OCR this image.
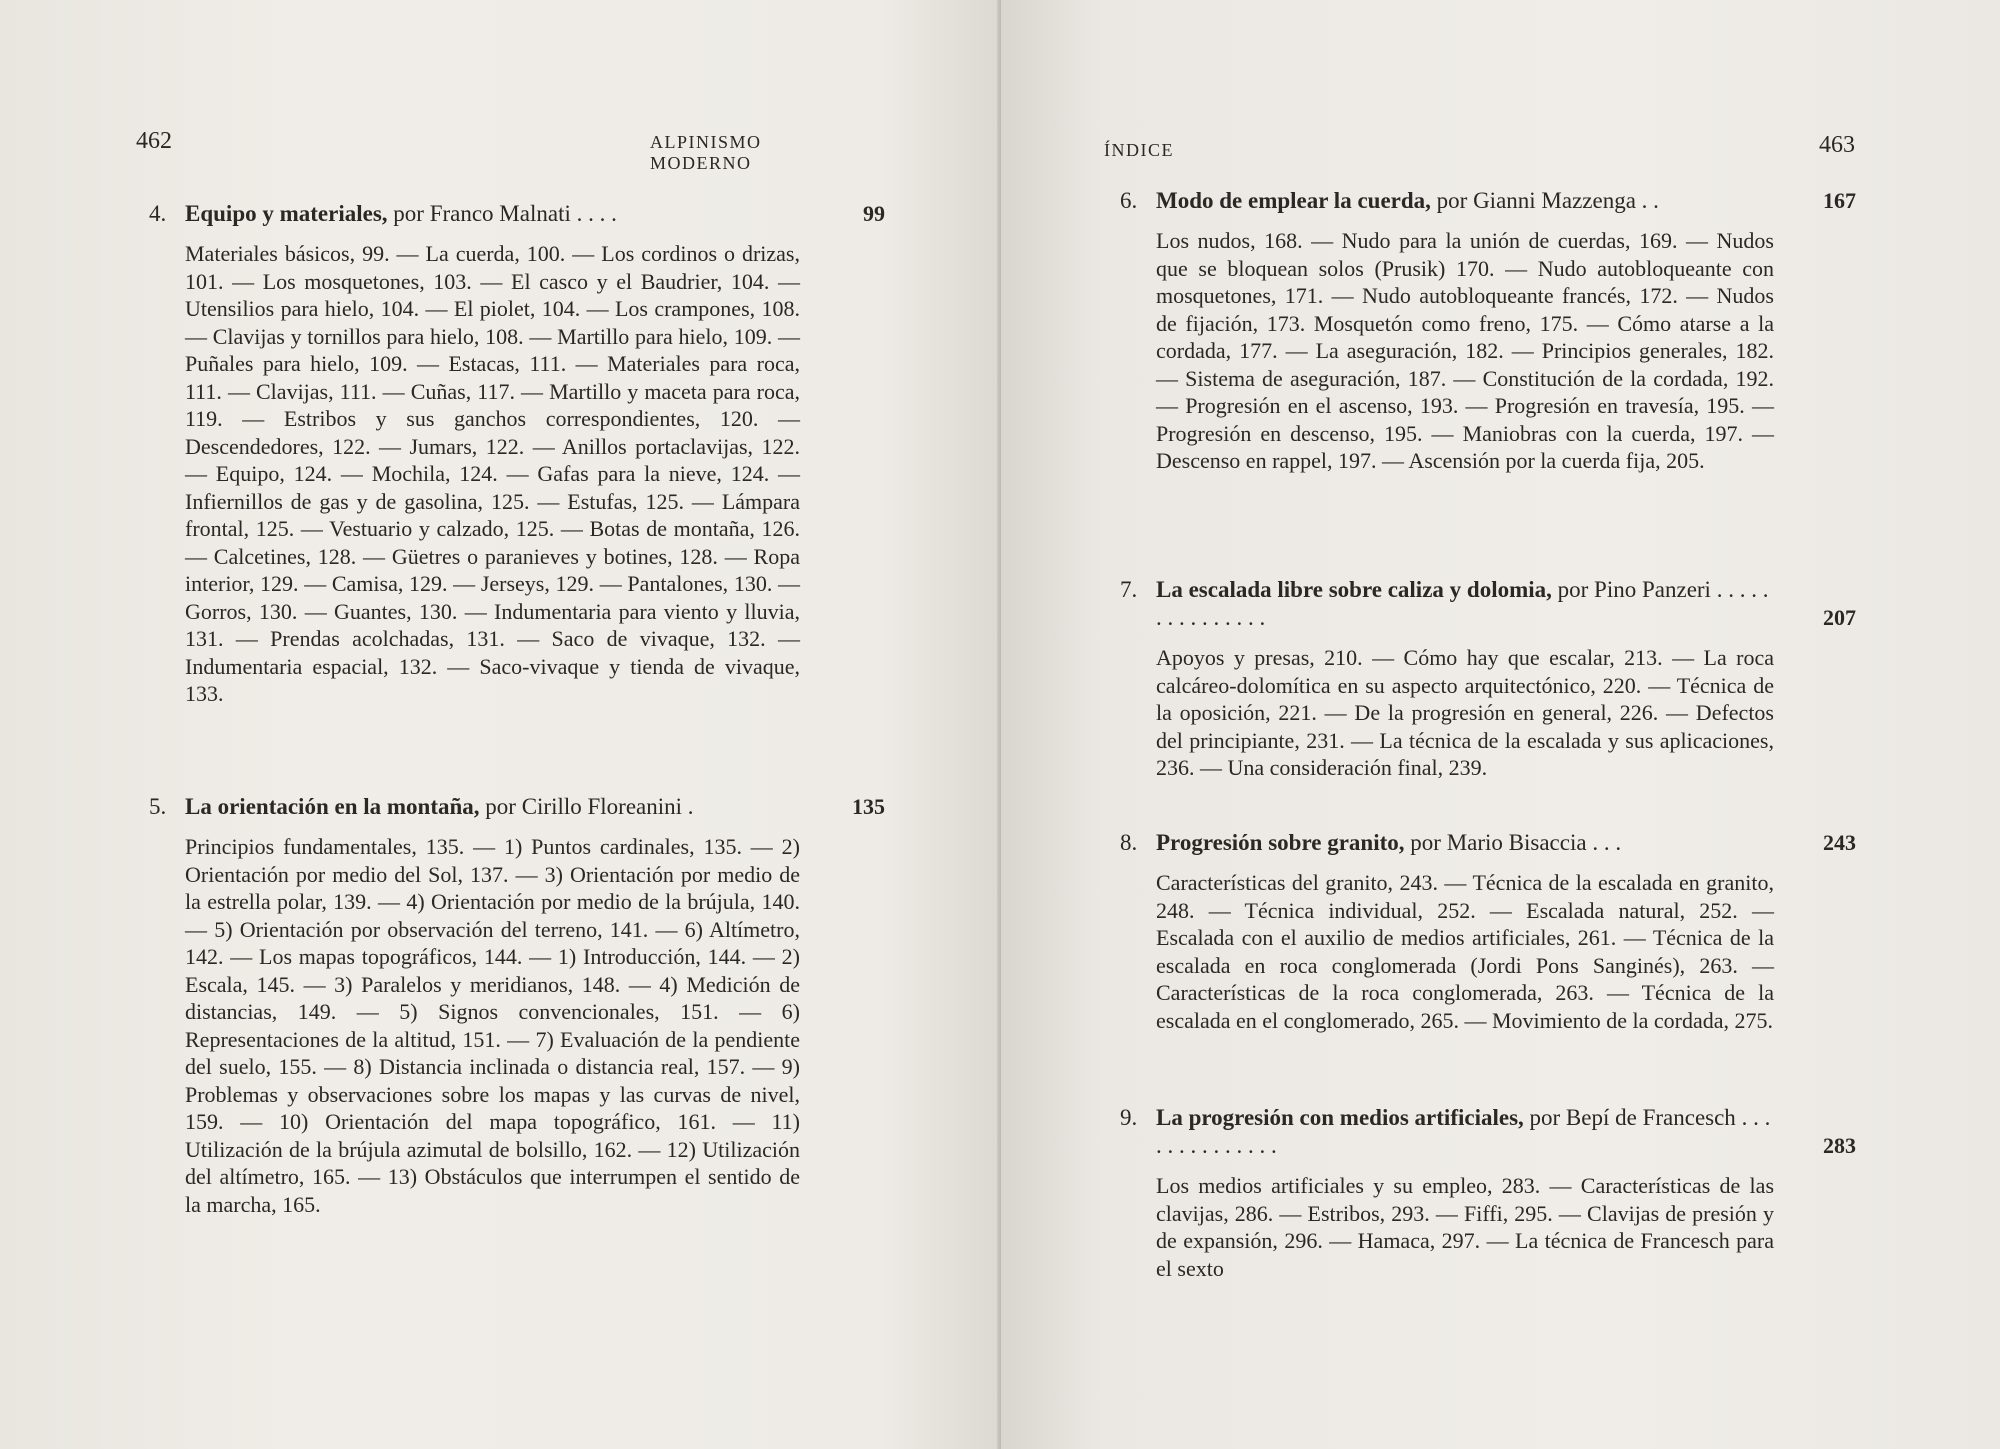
462	ALPINISMO MODERNO
4. Equipo y materiales, por Franco Malnati . . . .	99
Materiales básicos, 99. — La cuerda, 100. — Los cordinos o drizas, 101. — Los mosquetones, 103. — El casco y el Baudrier, 104. — Utensilios para hielo, 104. — El piolet, 104. — Los crampones, 108. — Clavijas y tornillos para hielo, 108. — Martillo para hielo, 109. — Puñales para hielo, 109. — Estacas, 111. — Materiales para roca, 111. — Clavijas, 111. — Cuñas, 117. — Martillo y maceta para roca, 119. — Estribos y sus ganchos correspondientes, 120. — Descendedores, 122. — Jumars, 122. — Anillos portaclavijas, 122. — Equipo, 124. — Mochila, 124. — Gafas para la nieve, 124. — Infiernillos de gas y de gasolina, 125. — Estufas, 125. — Lámpara frontal, 125. — Vestuario y calzado, 125. — Botas de montaña, 126. — Calcetines, 128. — Güetres o paranieves y botines, 128. — Ropa interior, 129. — Camisa, 129. — Jerseys, 129. — Pantalones, 130. — Gorros, 130. — Guantes, 130. — Indumentaria para viento y lluvia, 131. — Prendas acolchadas, 131. — Saco de vivaque, 132. — Indumentaria espacial, 132. — Saco-vivaque y tienda de vivaque, 133.
5. La orientación en la montaña, por Cirillo Floreanini .	135
Principios fundamentales, 135. — 1) Puntos cardinales, 135. — 2) Orientación por medio del Sol, 137. — 3) Orientación por medio de la estrella polar, 139. — 4) Orientación por medio de la brújula, 140. — 5) Orientación por observación del terreno, 141. — 6) Altímetro, 142. — Los mapas topográficos, 144. — 1) Introducción, 144. — 2) Escala, 145. — 3) Paralelos y meridianos, 148. — 4) Medición de distancias, 149. — 5) Signos convencionales, 151. — 6) Representaciones de la altitud, 151. — 7) Evaluación de la pendiente del suelo, 155. — 8) Distancia inclinada o distancia real, 157. — 9) Problemas y observaciones sobre los mapas y las curvas de nivel, 159. — 10) Orientación del mapa topográfico, 161. — 11) Utilización de la brújula azimutal de bolsillo, 162. — 12) Utilización del altímetro, 165. — 13) Obstáculos que interrumpen el sentido de la marcha, 165.
ÍNDICE	463
6. Modo de emplear la cuerda, por Gianni Mazzenga . .	167
Los nudos, 168. — Nudo para la unión de cuerdas, 169. — Nudos que se bloquean solos (Prusik) 170. — Nudo autobloqueante con mosquetones, 171. — Nudo autobloqueante francés, 172. — Nudos de fijación, 173. Mosquetón como freno, 175. — Cómo atarse a la cordada, 177. — La aseguración, 182. — Principios generales, 182. — Sistema de aseguración, 187. — Constitución de la cordada, 192. — Progresión en el ascenso, 193. — Progresión en travesía, 195. — Progresión en descenso, 195. — Maniobras con la cuerda, 197. — Descenso en rappel, 197. — Ascensión por la cuerda fija, 205.
7. La escalada libre sobre caliza y dolomia, por Pino Panzeri . . . . . . . . . . . . . . .	207
Apoyos y presas, 210. — Cómo hay que escalar, 213. — La roca calcáreo-dolomítica en su aspecto arquitectónico, 220. — Técnica de la oposición, 221. — De la progresión en general, 226. — Defectos del principiante, 231. — La técnica de la escalada y sus aplicaciones, 236. — Una consideración final, 239.
8. Progresión sobre granito, por Mario Bisaccia . . .	243
Características del granito, 243. — Técnica de la escalada en granito, 248. — Técnica individual, 252. — Escalada natural, 252. — Escalada con el auxilio de medios artificiales, 261. — Técnica de la escalada en roca conglomerada (Jordi Pons Sanginés), 263. — Características de la roca conglomerada, 263. — Técnica de la escalada en el conglomerado, 265. — Movimiento de la cordada, 275.
9. La progresión con medios artificiales, por Bepí de Francesch . . . . . . . . . . . . . .	283
Los medios artificiales y su empleo, 283. — Características de las clavijas, 286. — Estribos, 293. — Fiffi, 295. — Clavijas de presión y de expansión, 296. — Hamaca, 297. — La técnica de Francesch para el sexto
